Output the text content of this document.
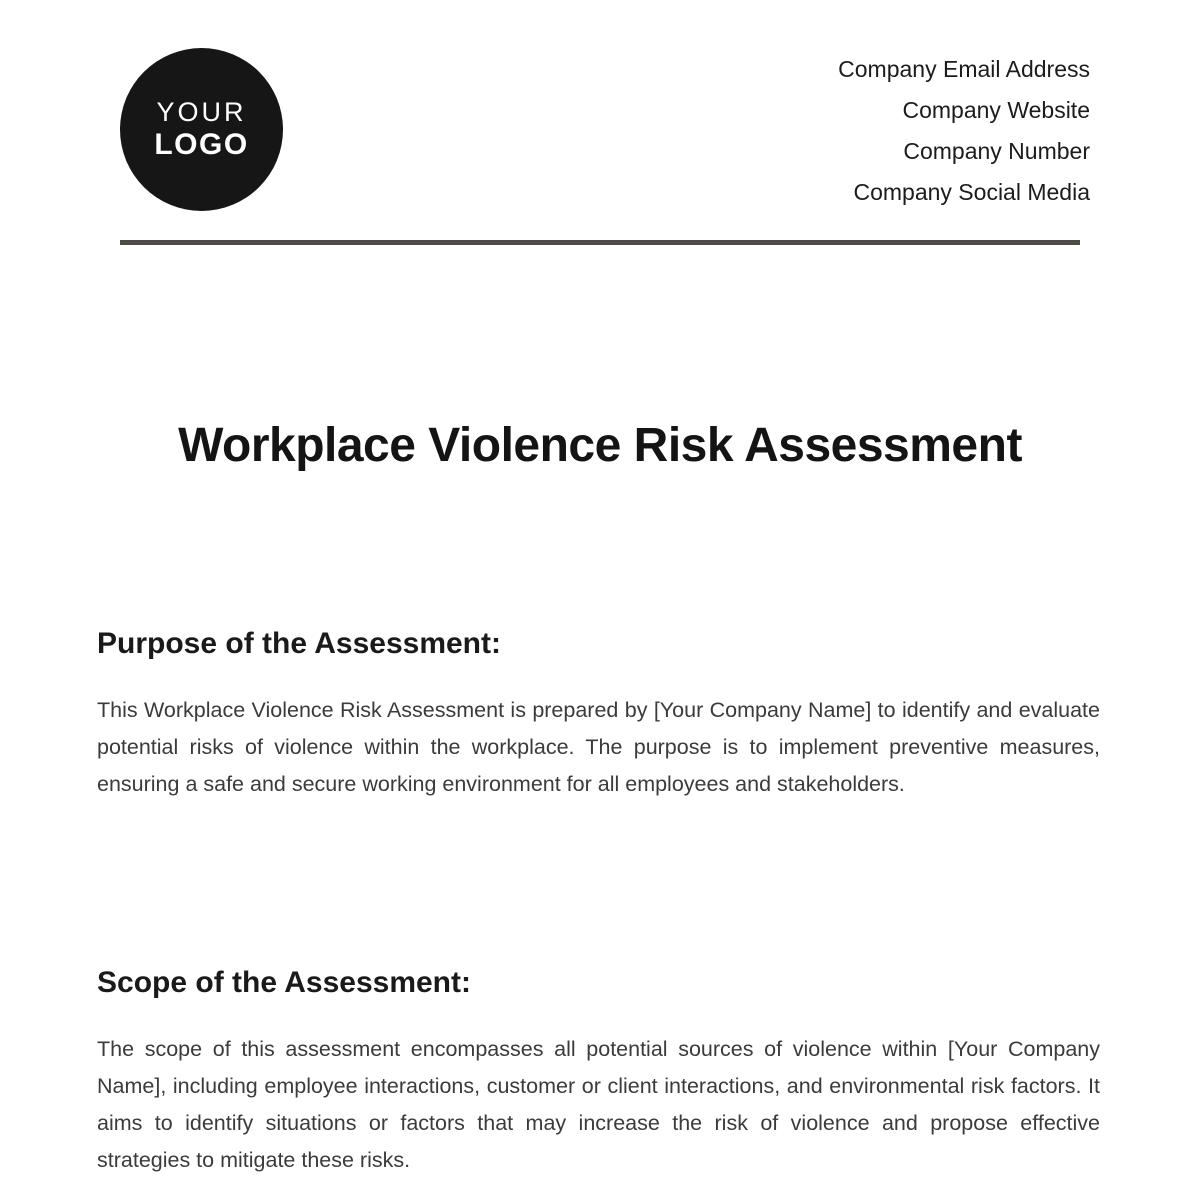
YOUR
LOGO
Company Email Address
Company Website
Company Number
Company Social Media
Workplace Violence Risk Assessment
Purpose of the Assessment:

This Workplace Violence Risk Assessment is prepared by [Your Company Name] to identify and evaluate potential risks of violence within the workplace. The purpose is to implement preventive measures, ensuring a safe and secure working environment for all employees and stakeholders.

Scope of the Assessment:

The scope of this assessment encompasses all potential sources of violence within [Your Company Name], including employee interactions, customer or client interactions, and environmental risk factors. It aims to identify situations or factors that may increase the risk of violence and propose effective strategies to mitigate these risks.
